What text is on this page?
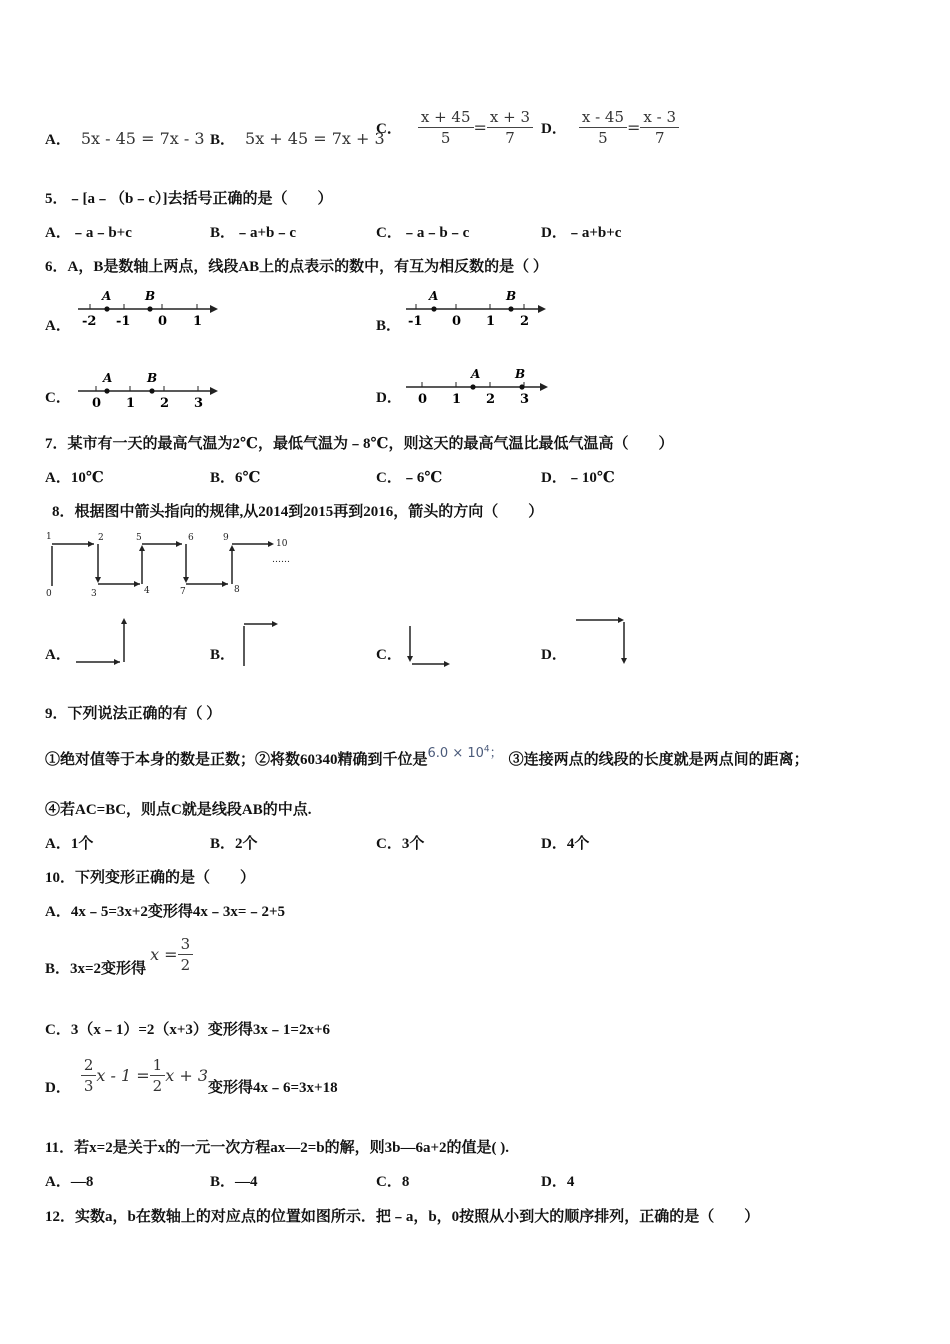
A． 5x - 45 = 7x - 3 B． 5x + 45 = 7x + 3
C． $\frac{x + 45}{5} = \frac{x + 3}{7}$ D． $\frac{x - 45}{5} = \frac{x - 3}{7}$
5．﹣[a﹣（b﹣c）]去括号正确的是（　　）
A．﹣a﹣b+c	B．﹣a+b﹣c	C．﹣a﹣b﹣c	D．﹣a+b+c
6．A，B是数轴上两点，线段AB上的点表示的数中，有互为相反数的是（ ）
A．
A	B
-2 -1 0 1	B．
A	B
-1 0 1 2
C．
A	B
0 1 2 3	D．
A	B
0 1 2 3
7．某市有一天的最高气温为2℃，最低气温为﹣8℃，则这天的最高气温比最低气温高（　　）
A．10℃	B．6℃	C．﹣6℃	D．﹣10℃
8．根据图中箭头指向的规律,从2014到2015再到2016，箭头的方向（　　）
1	2	5	6	9
10
0	3	4	7	8
……
A．	B．	C．	D．
9．下列说法正确的有（ ）
①绝对值等于本身的数是正数；②将数60340精确到千位是 $6.0 \times 10^4$； ③连接两点的线段的长度就是两点间的距离；
④若AC=BC，则点C就是线段AB的中点.
A．1个	B．2个	C．3个	D．4个
10．下列变形正确的是（　　）
A．4x﹣5=3x+2变形得4x﹣3x=﹣2+5
B．3x=2变形得
$x = \frac{3}{2}$
C．3（x﹣1）=2（x+3）变形得3x﹣1=2x+6
D． $\frac{2}{3}$ $x - 1 = \frac{1}{2}$ x + 3
变形得4x﹣6=3x+18
11．若x=2是关于x的一元一次方程ax—2=b的解，则3b—6a+2的值是( ).
A．—8	B．—4	C．8	D．4
12．实数a，b在数轴上的对应点的位置如图所示．把﹣a，b，0按照从小到大的顺序排列，正确的是（　　）
